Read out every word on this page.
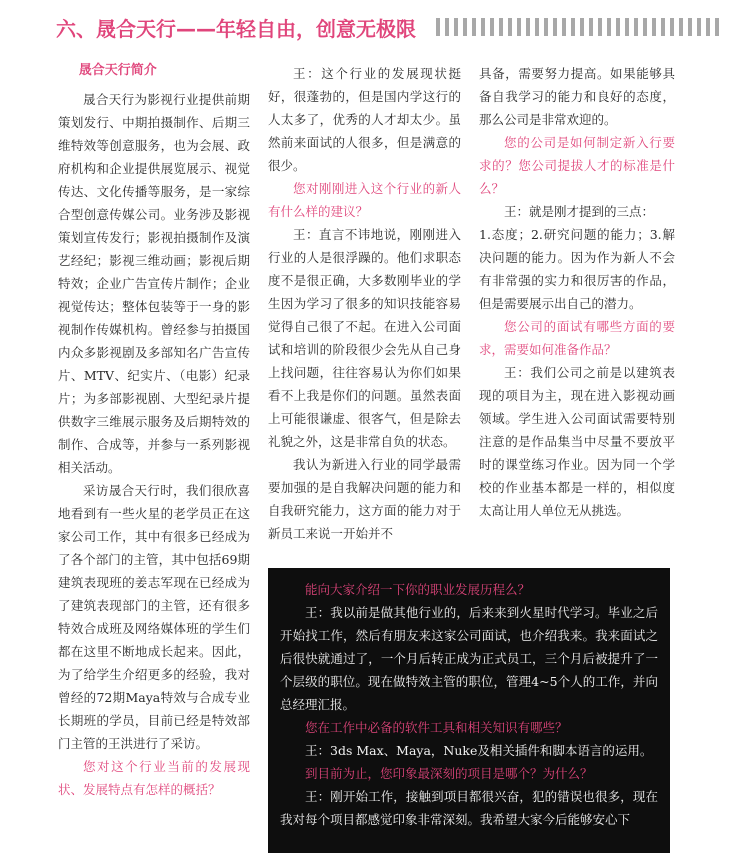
六、晟合天行——年轻自由，创意无极限

晟合天行简介

晟合天行为影视行业提供前期策划发行、中期拍摄制作、后期三维特效等创意服务，也为会展、政府机构和企业提供展览展示、视觉传达、文化传播等服务，是一家综合型创意传媒公司。业务涉及影视策划宣传发行；影视拍摄制作及演艺经纪；影视三维动画；影视后期特效；企业广告宣传片制作；企业视觉传达；整体包装等于一身的影视制作传媒机构。曾经参与拍摄国内众多影视剧及多部知名广告宣传片、MTV、纪实片、（电影）纪录片；为多部影视剧、大型纪录片提供数字三维展示服务及后期特效的制作、合成等，并参与一系列影视相关活动。

采访晟合天行时，我们很欣喜地看到有一些火星的老学员正在这家公司工作，其中有很多已经成为了各个部门的主管，其中包括69期建筑表现班的姜志军现在已经成为了建筑表现部门的主管，还有很多特效合成班及网络媒体班的学生们都在这里不断地成长起来。因此，为了给学生介绍更多的经验，我对曾经的72期Maya特效与合成专业长期班的学员，目前已经是特效部门主管的王洪进行了采访。

您对这个行业当前的发展现状、发展特点有怎样的概括？

王：这个行业的发展现状挺好，很蓬勃的，但是国内学这行的人太多了，优秀的人才却太少。虽然前来面试的人很多，但是满意的很少。

您对刚刚进入这个行业的新人有什么样的建议？

王：直言不讳地说，刚刚进入行业的人是很浮躁的。他们求职态度不是很正确，大多数刚毕业的学生因为学习了很多的知识技能容易觉得自己很了不起。在进入公司面试和培训的阶段很少会先从自己身上找问题，往往容易认为你们如果看不上我是你们的问题。虽然表面上可能很谦虚、很客气，但是除去礼貌之外，这是非常自负的状态。

我认为新进入行业的同学最需要加强的是自我解决问题的能力和自我研究能力，这方面的能力对于新员工来说一开始并不

具备，需要努力提高。如果能够具备自我学习的能力和良好的态度，那么公司是非常欢迎的。

您的公司是如何制定新入行要求的？您公司提拔人才的标准是什么？

王：就是刚才提到的三点：

1.态度；2.研究问题的能力；3.解决问题的能力。因为作为新人不会有非常强的实力和很厉害的作品，但是需要展示出自己的潜力。

您公司的面试有哪些方面的要求，需要如何准备作品？

王：我们公司之前是以建筑表现的项目为主，现在进入影视动画领域。学生进入公司面试需要特别注意的是作品集当中尽量不要放平时的课堂练习作业。因为同一个学校的作业基本都是一样的，相似度太高让用人单位无从挑选。

能向大家介绍一下你的职业发展历程么？

王：我以前是做其他行业的，后来来到火星时代学习。毕业之后开始找工作，然后有朋友来这家公司面试，也介绍我来。我来面试之后很快就通过了，一个月后转正成为正式员工，三个月后被提升了一个层级的职位。现在做特效主管的职位，管理4~5个人的工作，并向总经理汇报。

您在工作中必备的软件工具和相关知识有哪些？

王：3ds Max、Maya，Nuke及相关插件和脚本语言的运用。

到目前为止，您印象最深刻的项目是哪个？为什么？

王：刚开始工作，接触到项目都很兴奋，犯的错误也很多，现在我对每个项目都感觉印象非常深刻。我希望大家今后能够安心下
